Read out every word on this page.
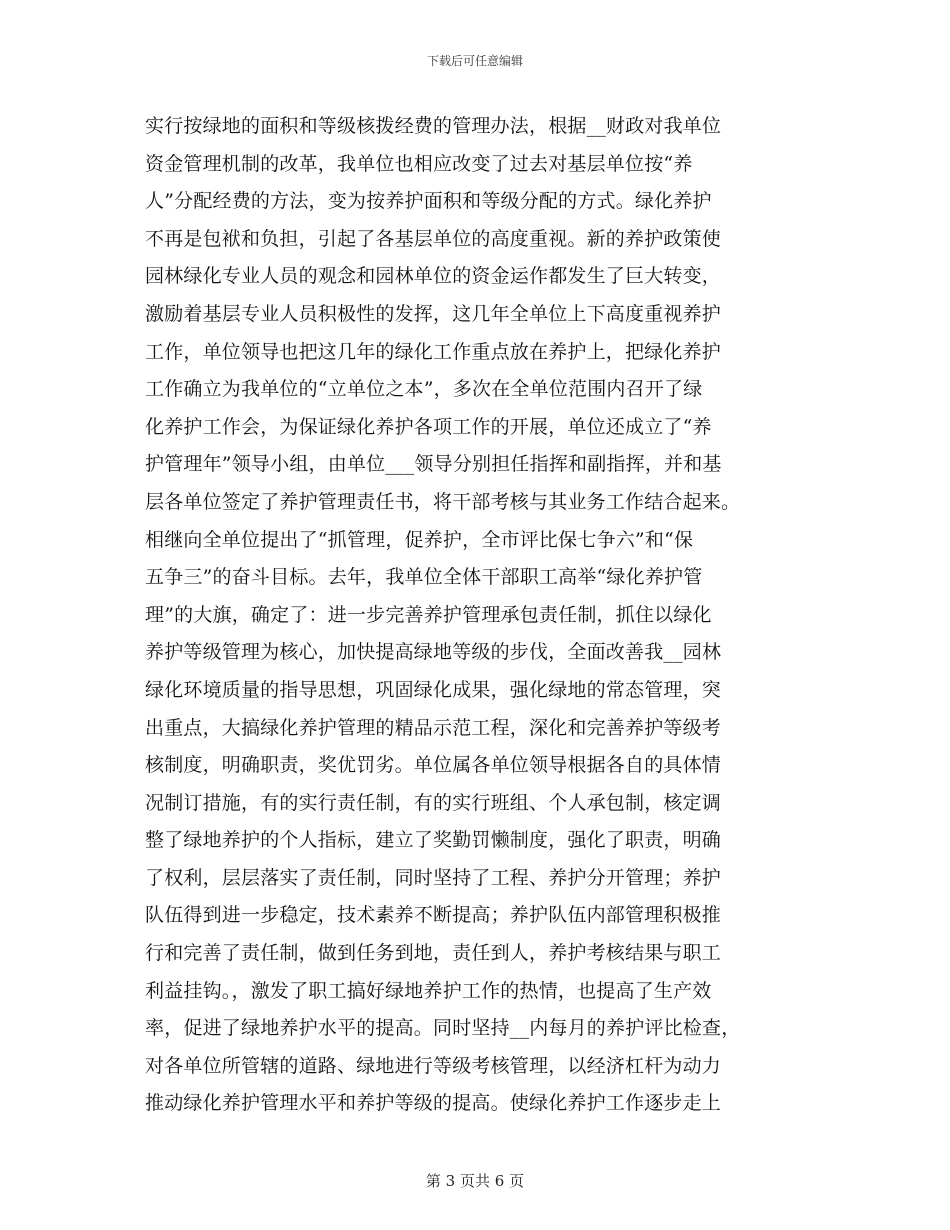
下载后可任意编辑
实行按绿地的面积和等级核拨经费的管理办法，根据__财政对我单位
资金管理机制的改革，我单位也相应改变了过去对基层单位按“养
人”分配经费的方法，变为按养护面积和等级分配的方式。绿化养护
不再是包袱和负担，引起了各基层单位的高度重视。新的养护政策使
园林绿化专业人员的观念和园林单位的资金运作都发生了巨大转变，
激励着基层专业人员积极性的发挥，这几年全单位上下高度重视养护
工作，单位领导也把这几年的绿化工作重点放在养护上，把绿化养护
工作确立为我单位的“立单位之本”，多次在全单位范围内召开了绿
化养护工作会，为保证绿化养护各项工作的开展，单位还成立了“养
护管理年”领导小组，由单位___领导分别担任指挥和副指挥，并和基
层各单位签定了养护管理责任书，将干部考核与其业务工作结合起来。
相继向全单位提出了“抓管理，促养护，全市评比保七争六”和“保
五争三”的奋斗目标。去年，我单位全体干部职工高举“绿化养护管
理”的大旗，确定了：进一步完善养护管理承包责任制，抓住以绿化
养护等级管理为核心，加快提高绿地等级的步伐，全面改善我__园林
绿化环境质量的指导思想，巩固绿化成果，强化绿地的常态管理，突
出重点，大搞绿化养护管理的精品示范工程，深化和完善养护等级考
核制度，明确职责，奖优罚劣。单位属各单位领导根据各自的具体情
况制订措施，有的实行责任制，有的实行班组、个人承包制，核定调
整了绿地养护的个人指标，建立了奖勤罚懒制度，强化了职责，明确
了权利，层层落实了责任制，同时坚持了工程、养护分开管理；养护
队伍得到进一步稳定，技术素养不断提高；养护队伍内部管理积极推
行和完善了责任制，做到任务到地，责任到人，养护考核结果与职工
利益挂钩。，激发了职工搞好绿地养护工作的热情，也提高了生产效
率，促进了绿地养护水平的提高。同时坚持__内每月的养护评比检查，
对各单位所管辖的道路、绿地进行等级考核管理，以经济杠杆为动力
推动绿化养护管理水平和养护等级的提高。使绿化养护工作逐步走上
第 3 页共 6 页
